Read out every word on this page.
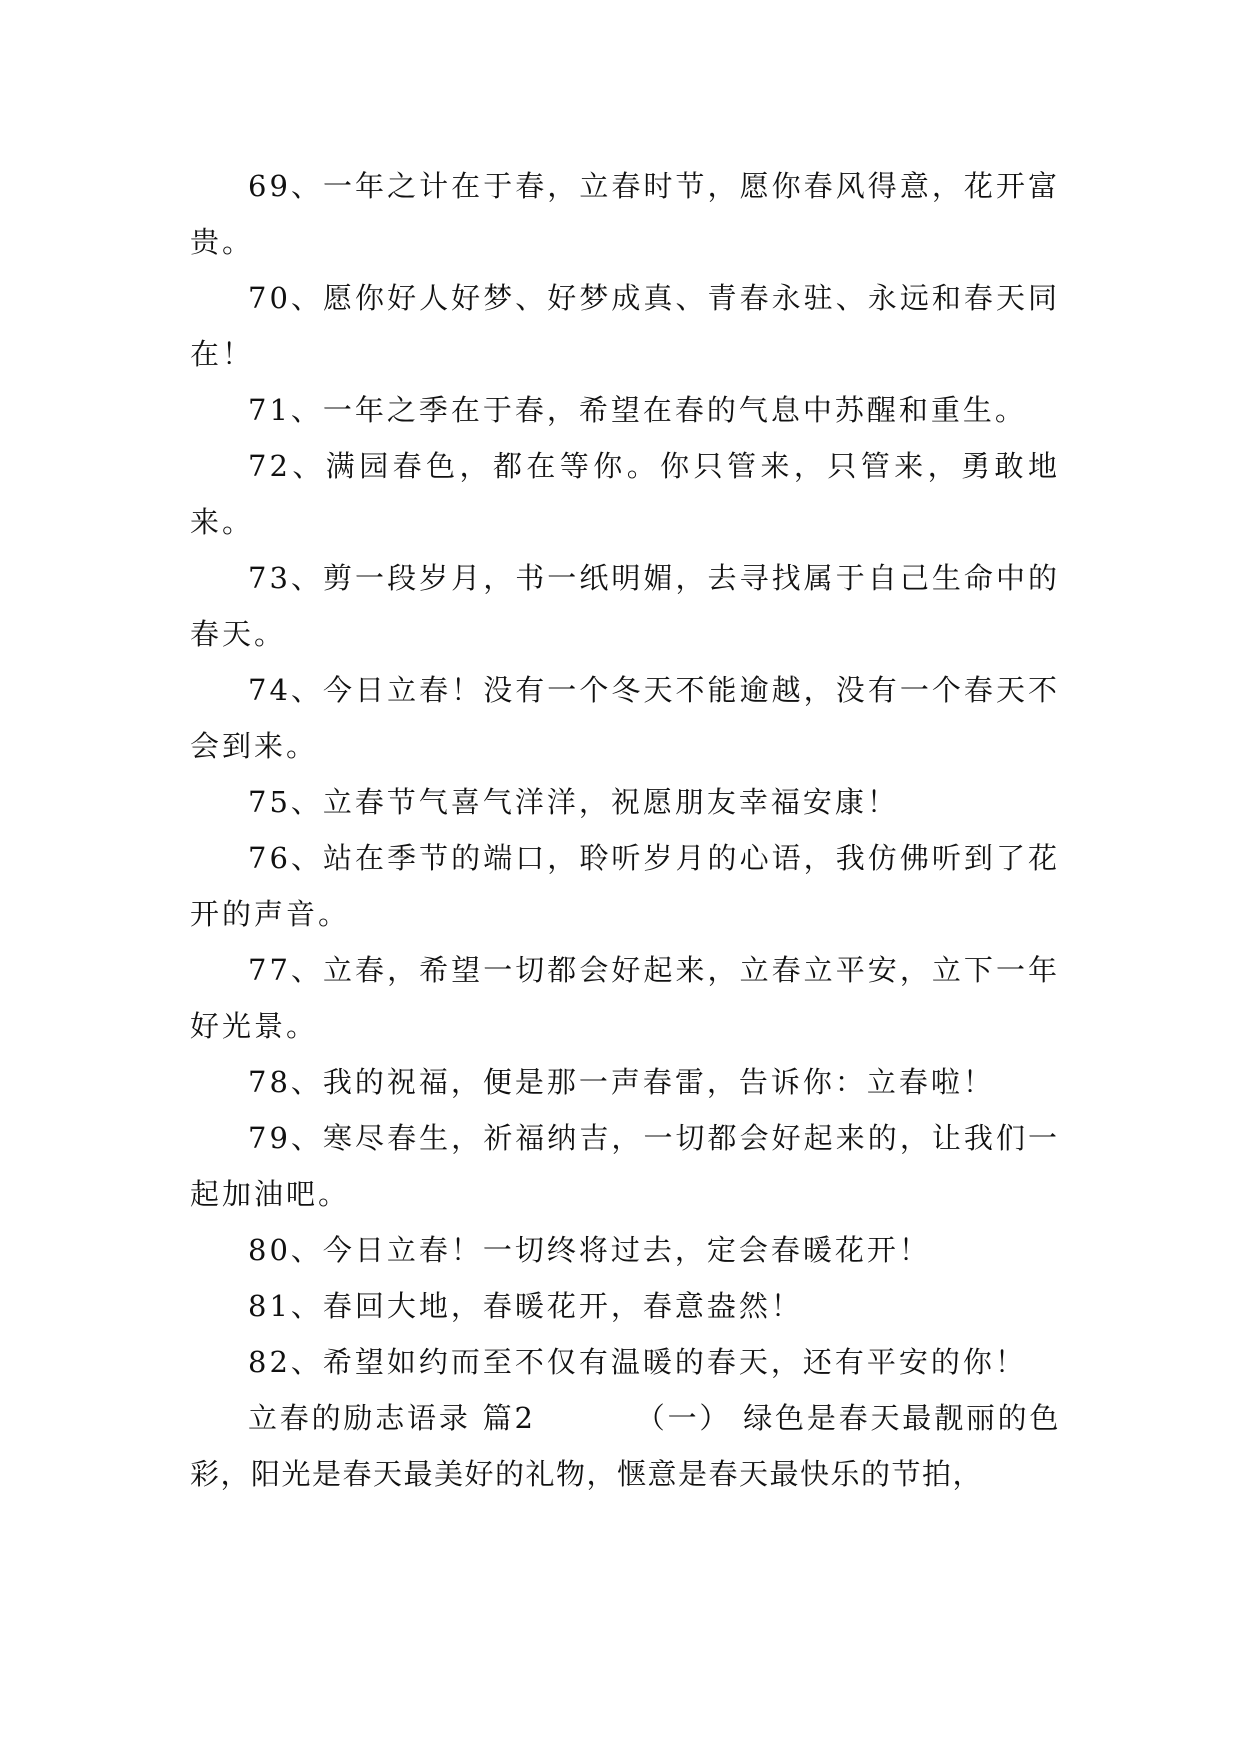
69、一年之计在于春，立春时节，愿你春风得意，花开富贵。

70、愿你好人好梦、好梦成真、青春永驻、永远和春天同在！

71、一年之季在于春，希望在春的气息中苏醒和重生。

72、满园春色，都在等你。你只管来，只管来，勇敢地来。

73、剪一段岁月，书一纸明媚，去寻找属于自己生命中的春天。

74、今日立春！没有一个冬天不能逾越，没有一个春天不会到来。

75、立春节气喜气洋洋，祝愿朋友幸福安康！

76、站在季节的端口，聆听岁月的心语，我仿佛听到了花开的声音。

77、立春，希望一切都会好起来，立春立平安，立下一年好光景。

78、我的祝福，便是那一声春雷，告诉你：立春啦！

79、寒尽春生，祈福纳吉，一切都会好起来的，让我们一起加油吧。

80、今日立春！一切终将过去，定会春暖花开！

81、春回大地，春暖花开，春意盎然！

82、希望如约而至不仅有温暖的春天，还有平安的你！

立春的励志语录 篇2	（一） 绿色是春天最靓丽的色彩，阳光是春天最美好的礼物，惬意是春天最快乐的节拍，
